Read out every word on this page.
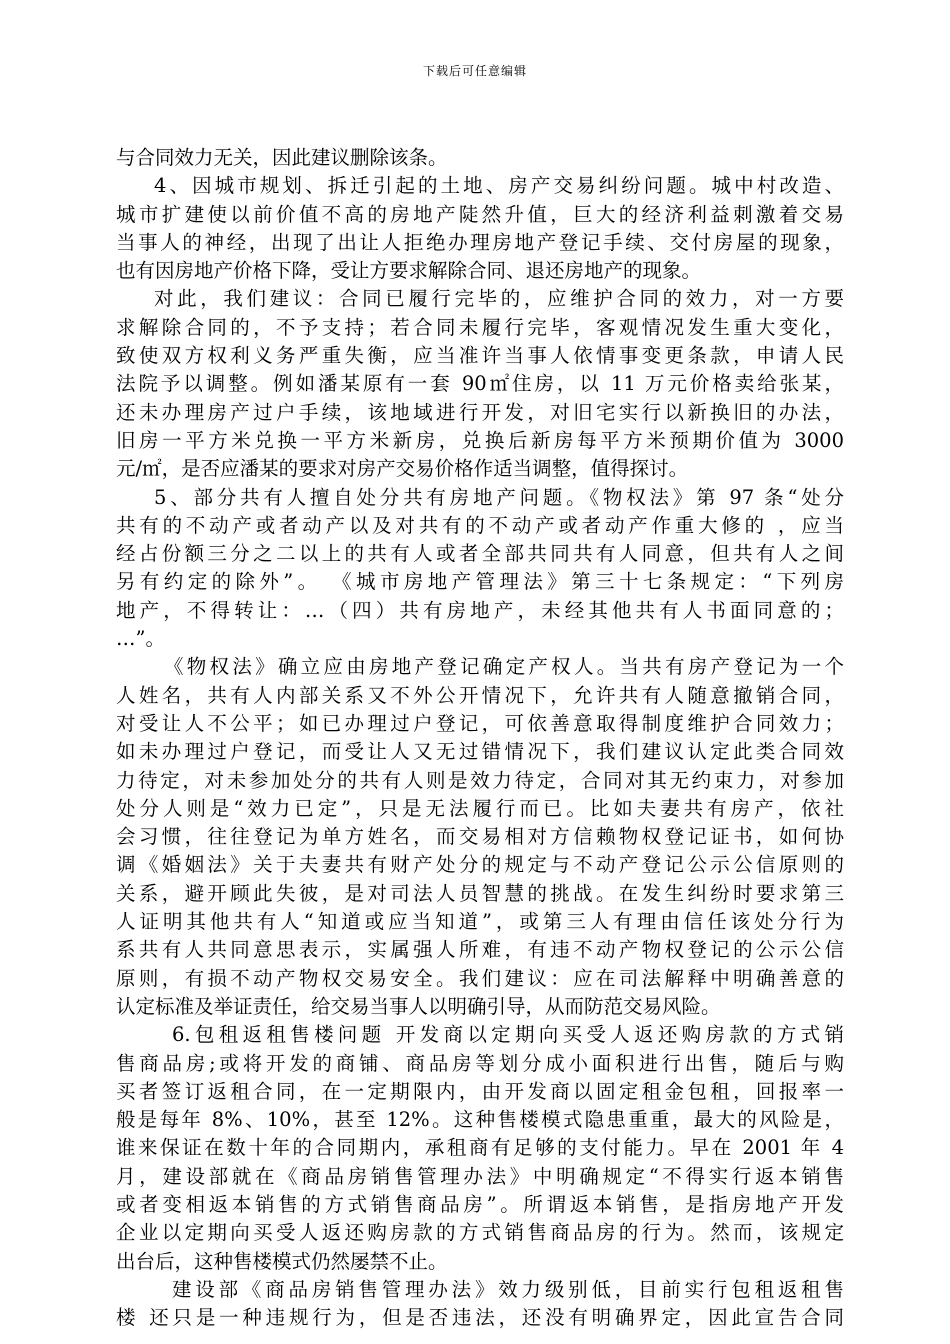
下载后可任意编辑
与合同效力无关，因此建议删除该条。
4、因城市规划、拆迁引起的土地、房产交易纠纷问题。城中村改造、
城市扩建使以前价值不高的房地产陡然升值，巨大的经济利益刺激着交易
当事人的神经，出现了出让人拒绝办理房地产登记手续、交付房屋的现象，
也有因房地产价格下降，受让方要求解除合同、退还房地产的现象。
对此，我们建议：合同已履行完毕的，应维护合同的效力，对一方要
求解除合同的，不予支持；若合同未履行完毕，客观情况发生重大变化，
致使双方权利义务严重失衡，应当准许当事人依情事变更条款，申请人民
法院予以调整。例如潘某原有一套 90㎡住房，以 11 万元价格卖给张某，
还未办理房产过户手续，该地域进行开发，对旧宅实行以新换旧的办法，
旧房一平方米兑换一平方米新房，兑换后新房每平方米预期价值为 3000
元/㎡，是否应潘某的要求对房产交易价格作适当调整，值得探讨。
5、部分共有人擅自处分共有房地产问题。《物权法》第 97 条“处分
共有的不动产或者动产以及对共有的不动产或者动产作重大修的 ，应当
经占份额三分之二以上的共有人或者全部共同共有人同意，但共有人之间
另有约定的除外”。 《城市房地产管理法》第三十七条规定：“下列房
地产，不得转让：…（四）共有房地产，未经其他共有人书面同意的；
…”。
《物权法》确立应由房地产登记确定产权人。当共有房产登记为一个
人姓名，共有人内部关系又不外公开情况下，允许共有人随意撤销合同，
对受让人不公平；如已办理过户登记，可依善意取得制度维护合同效力；
如未办理过户登记，而受让人又无过错情况下，我们建议认定此类合同效
力待定，对未参加处分的共有人则是效力待定，合同对其无约束力，对参加
处分人则是“效力已定”，只是无法履行而已。比如夫妻共有房产，依社
会习惯，往往登记为单方姓名，而交易相对方信赖物权登记证书，如何协
调《婚姻法》关于夫妻共有财产处分的规定与不动产登记公示公信原则的
关系，避开顾此失彼，是对司法人员智慧的挑战。在发生纠纷时要求第三
人证明其他共有人“知道或应当知道”，或第三人有理由信任该处分行为
系共有人共同意思表示，实属强人所难，有违不动产物权登记的公示公信
原则，有损不动产物权交易安全。我们建议：应在司法解释中明确善意的
认定标准及举证责任，给交易当事人以明确引导，从而防范交易风险。
6.包租返租售楼问题 开发商以定期向买受人返还购房款的方式销
售商品房;或将开发的商铺、商品房等划分成小面积进行出售，随后与购
买者签订返租合同，在一定期限内，由开发商以固定租金包租，回报率一
般是每年 8%、10%，甚至 12%。这种售楼模式隐患重重，最大的风险是，
谁来保证在数十年的合同期内，承租商有足够的支付能力。早在 2001 年 4
月，建设部就在《商品房销售管理办法》中明确规定“不得实行返本销售
或者变相返本销售的方式销售商品房”。所谓返本销售，是指房地产开发
企业以定期向买受人返还购房款的方式销售商品房的行为。然而，该规定
出台后，这种售楼模式仍然屡禁不止。
建设部《商品房销售管理办法》效力级别低，目前实行包租返租售
楼 还只是一种违规行为，但是否违法，还没有明确界定，因此宣告合同
